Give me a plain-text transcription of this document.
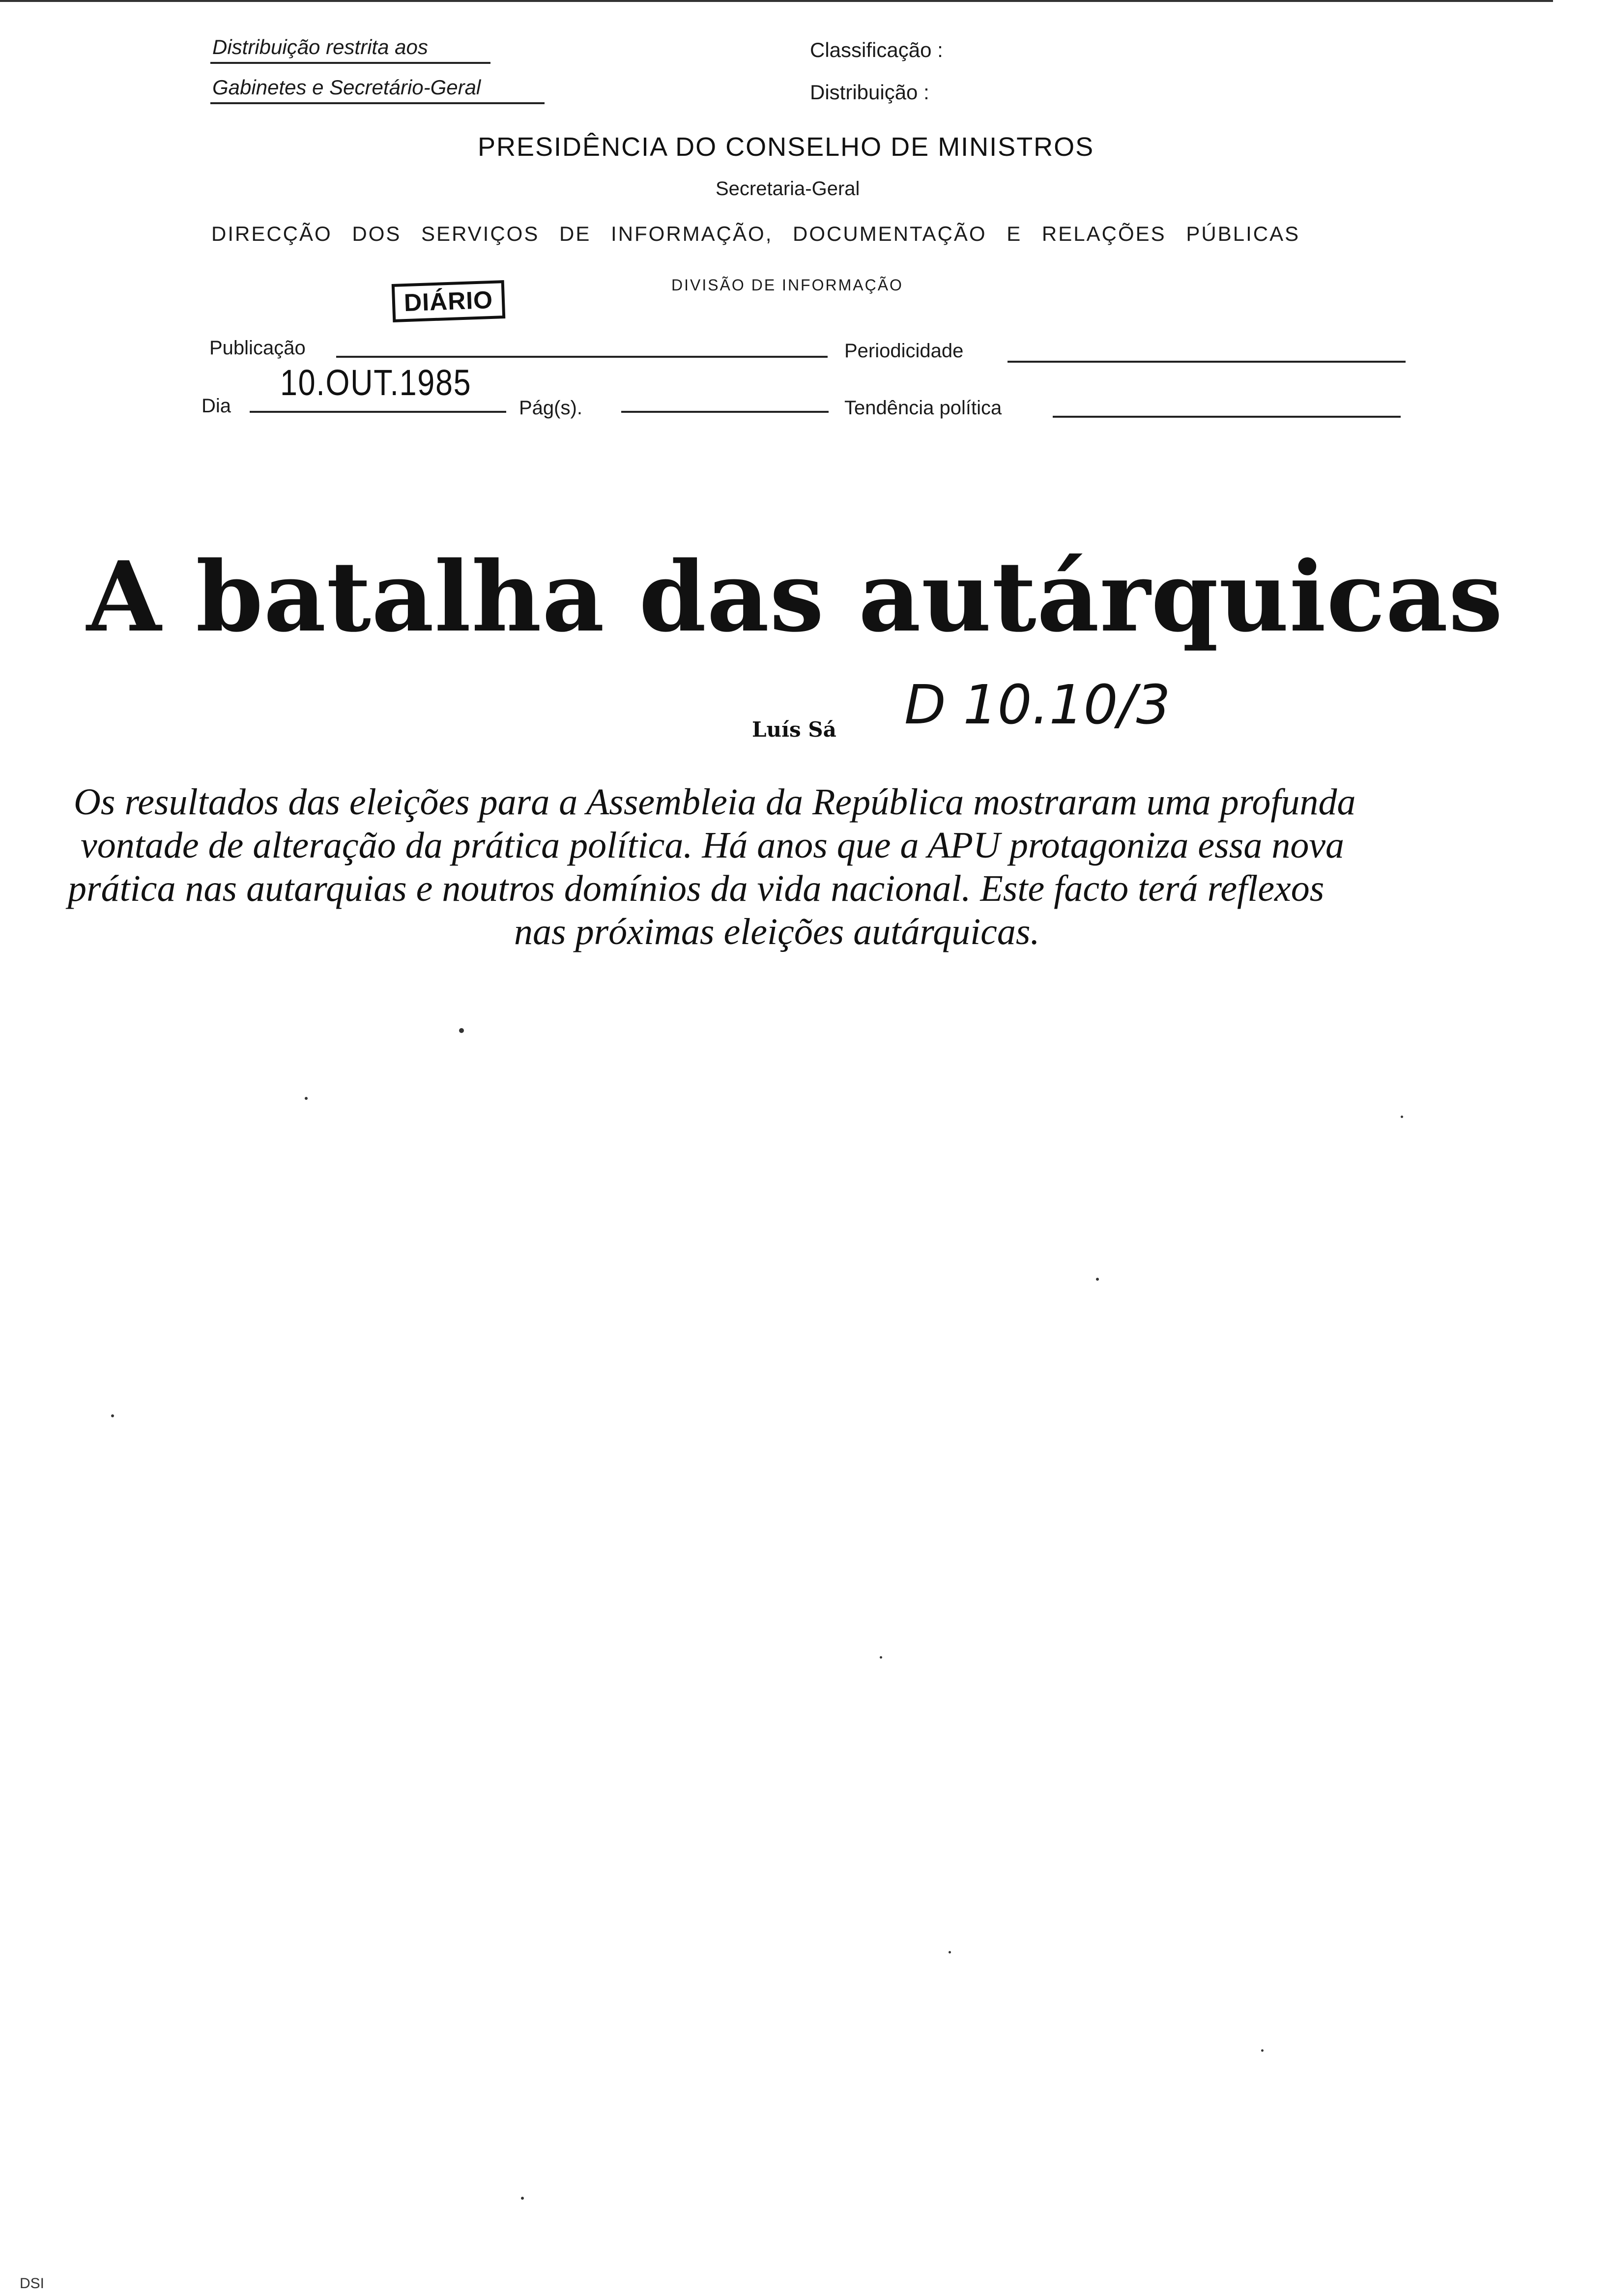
Distribuição restrita aos
Gabinetes e Secretário-Geral
Classificação :
Distribuição :
PRESIDÊNCIA DO CONSELHO DE MINISTROS
Secretaria-Geral
DIRECÇÃO DOS SERVIÇOS DE INFORMAÇÃO, DOCUMENTAÇÃO E RELAÇÕES PÚBLICAS
DIVISÃO DE INFORMAÇÃO
DIÁRIO
Publicação	Periodicidade
Dia
10.OUT.1985
Pág(s).	Tendência política
A batalha das autárquicas
Luís Sá D 10.10/3
Os resultados das eleições para a Assembleia da República mostraram uma profunda
vontade de alteração da prática política. Há anos que a APU protagoniza essa nova
prática nas autarquias e noutros domínios da vida nacional. Este facto terá reflexos
nas próximas eleições autárquicas.
DSI
